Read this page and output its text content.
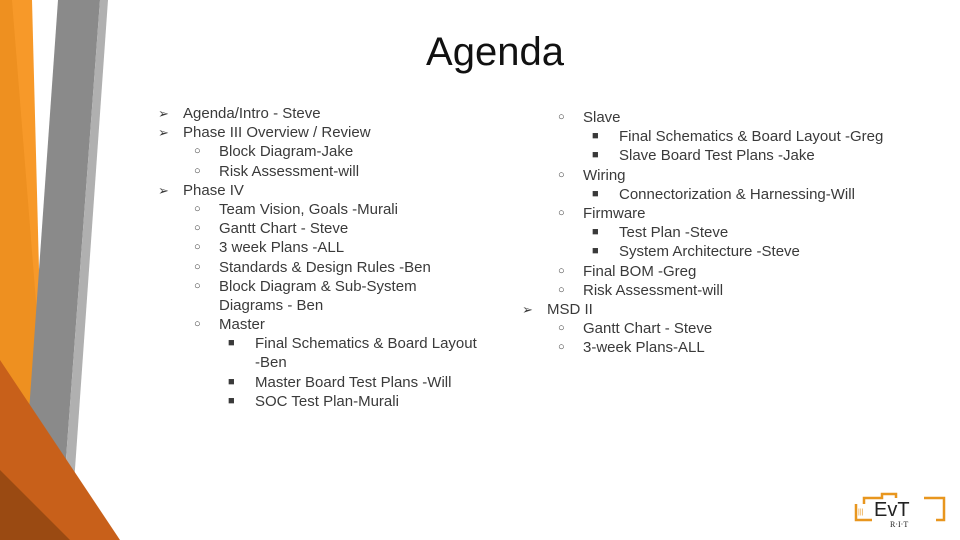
Agenda
➢ Agenda/Intro - Steve
➢ Phase III Overview / Review
○ Block Diagram-Jake
○ Risk Assessment-will
➢ Phase IV
○ Team Vision, Goals -Murali
○ Gantt Chart - Steve
○ 3 week Plans -ALL
○ Standards & Design Rules -Ben
○ Block Diagram & Sub-System
Diagrams - Ben
○ Master
■ Final Schematics & Board Layout
-Ben
■ Master Board Test Plans -Will
■ SOC Test Plan-Murali
○ Slave
■ Final Schematics & Board Layout -Greg
■ Slave Board Test Plans -Jake
○ Wiring
■ Connectorization & Harnessing-Will
○ Firmware
■ Test Plan -Steve
■ System Architecture -Steve
○ Final BOM -Greg
○ Risk Assessment-will
➢ MSD II
○ Gantt Chart - Steve
○ 3-week Plans-ALL
EvT
R·I·T
|||
